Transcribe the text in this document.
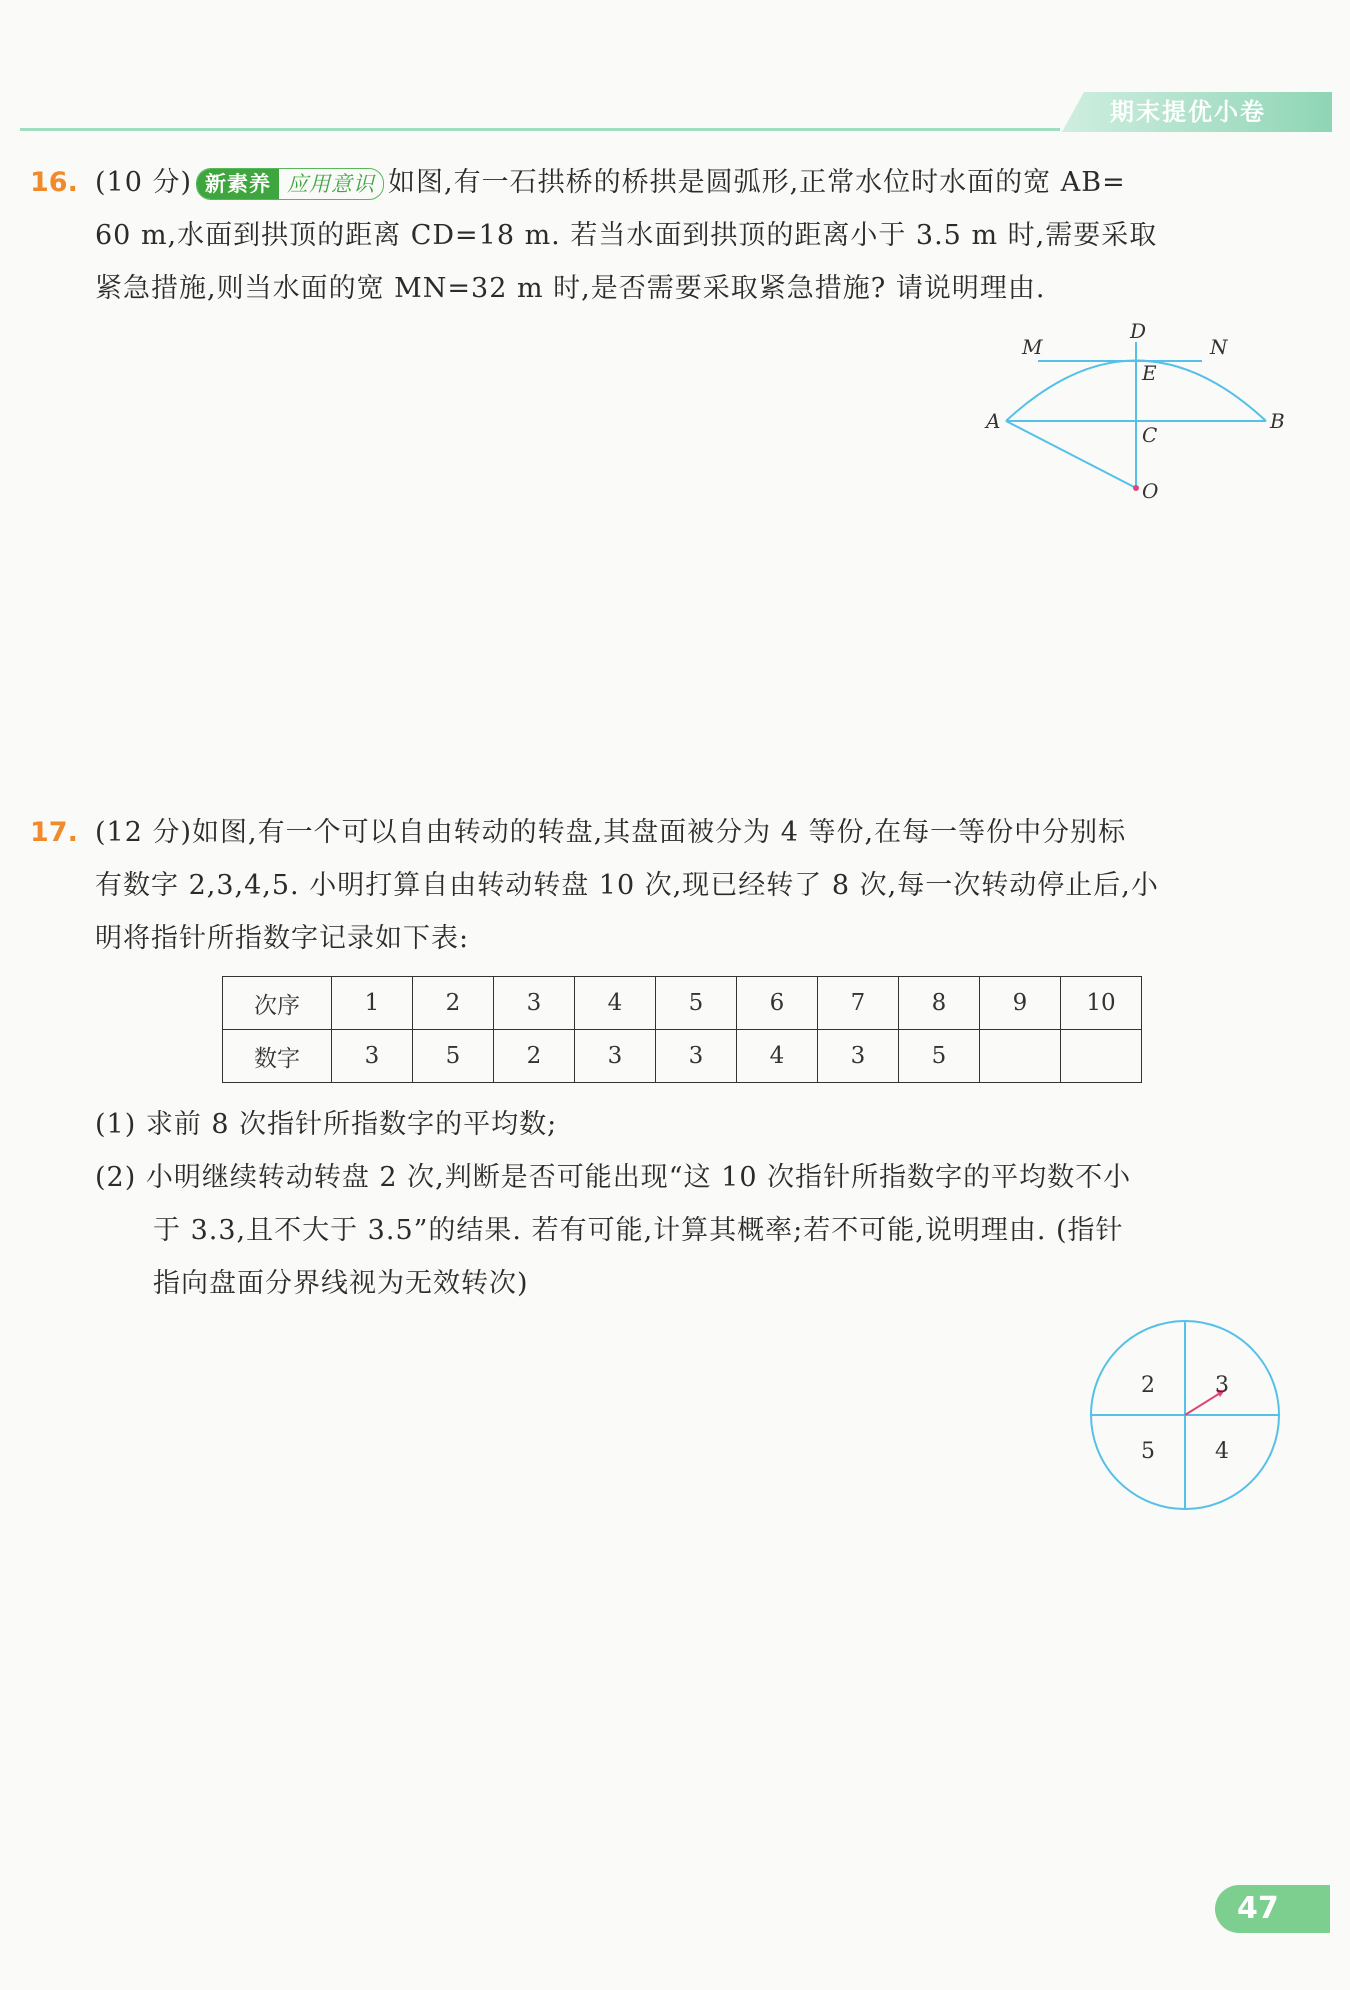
期末提优小卷
16. (10 分) 新素养 应用意识 如图,有一石拱桥的桥拱是圆弧形,正常水位时水面的宽 AB=
60 m,水面到拱顶的距离 CD=18 m. 若当水面到拱顶的距离小于 3.5 m 时,需要采取
紧急措施,则当水面的宽 MN=32 m 时,是否需要采取紧急措施? 请说明理由.
M
D
N
E
A	B
C
O
17. (12 分)如图,有一个可以自由转动的转盘,其盘面被分为 4 等份,在每一等份中分别标
有数字 2,3,4,5. 小明打算自由转动转盘 10 次,现已经转了 8 次,每一次转动停止后,小
明将指针所指数字记录如下表:
次序	1	2	3	4	5	6	7	8	9	10
数字	3	5	2	3	3	4	3	5		
(1) 求前 8 次指针所指数字的平均数;
(2) 小明继续转动转盘 2 次,判断是否可能出现“这 10 次指针所指数字的平均数不小
于 3.3,且不大于 3.5”的结果. 若有可能,计算其概率;若不可能,说明理由. (指针
指向盘面分界线视为无效转次)
2	3
5	4
47
